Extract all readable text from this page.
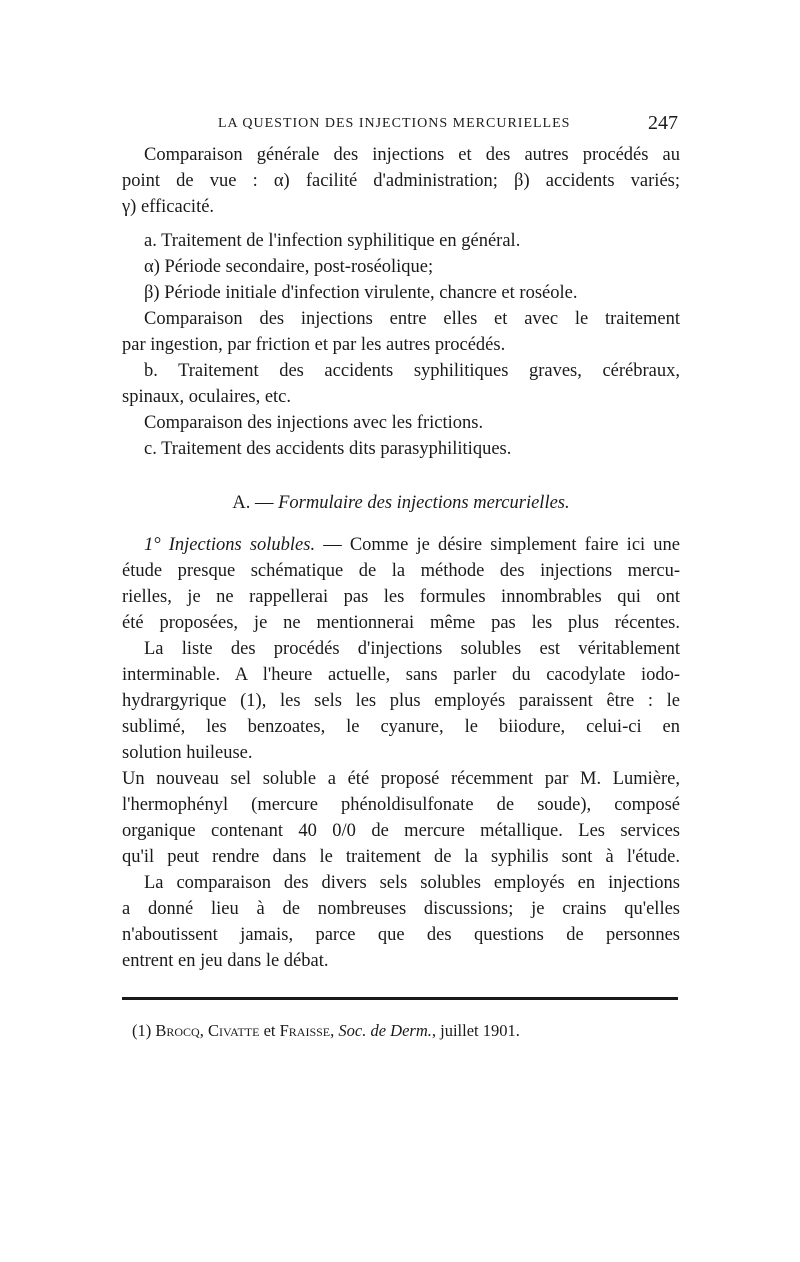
LA QUESTION DES INJECTIONS MERCURIELLES	247
Comparaison générale des injections et des autres procédés au
point de vue : α) facilité d'administration; β) accidents variés;
γ) efficacité.
a. Traitement de l'infection syphilitique en général.
α) Période secondaire, post-roséolique;
β) Période initiale d'infection virulente, chancre et roséole.
Comparaison des injections entre elles et avec le traitement
par ingestion, par friction et par les autres procédés.
b. Traitement des accidents syphilitiques graves, cérébraux,
spinaux, oculaires, etc.
Comparaison des injections avec les frictions.
c. Traitement des accidents dits parasyphilitiques.
A. — Formulaire des injections mercurielles.
1° Injections solubles. — Comme je désire simplement faire ici une
étude presque schématique de la méthode des injections mercu-
rielles, je ne rappellerai pas les formules innombrables qui ont
été proposées, je ne mentionnerai même pas les plus récentes.
La liste des procédés d'injections solubles est véritablement
interminable. A l'heure actuelle, sans parler du cacodylate iodo-
hydrargyrique (1), les sels les plus employés paraissent être : le
sublimé, les benzoates, le cyanure, le biiodure, celui-ci en
solution huileuse.
Un nouveau sel soluble a été proposé récemment par M. Lumière,
l'hermophényl (mercure phénoldisulfonate de soude), composé
organique contenant 40 0/0 de mercure métallique. Les services
qu'il peut rendre dans le traitement de la syphilis sont à l'étude.
La comparaison des divers sels solubles employés en injections
a donné lieu à de nombreuses discussions; je crains qu'elles
n'aboutissent jamais, parce que des questions de personnes
entrent en jeu dans le débat.
(1) Brocq, Civatte et Fraisse, Soc. de Derm., juillet 1901.
